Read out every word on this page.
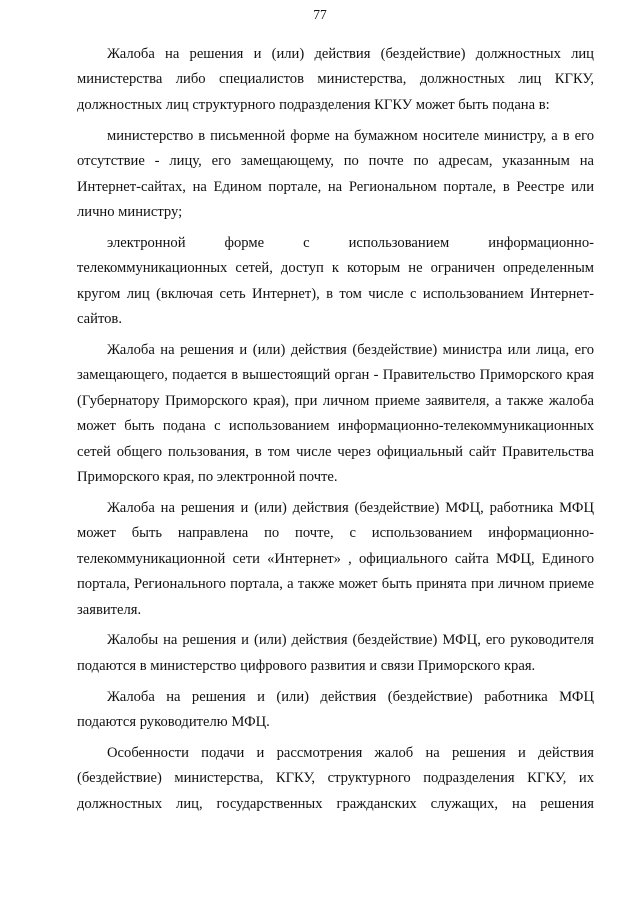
77

Жалоба на решения и (или) действия (бездействие) должностных лиц министерства либо специалистов министерства, должностных лиц КГКУ, должностных лиц структурного подразделения КГКУ может быть подана в:

министерство в письменной форме на бумажном носителе министру, а в его отсутствие - лицу, его замещающему, по почте по адресам, указанным на Интернет-сайтах, на Едином портале, на Региональном портале, в Реестре или лично министру;

электронной форме с использованием информационно-телекоммуникационных сетей, доступ к которым не ограничен определенным кругом лиц (включая сеть Интернет), в том числе с использованием Интернет-сайтов.

Жалоба на решения и (или) действия (бездействие) министра или лица, его замещающего, подается в вышестоящий орган - Правительство Приморского края (Губернатору Приморского края), при личном приеме заявителя, а также жалоба может быть подана с использованием информационно-телекоммуникационных сетей общего пользования, в том числе через официальный сайт Правительства Приморского края, по электронной почте.

Жалоба на решения и (или) действия (бездействие) МФЦ, работника МФЦ может быть направлена по почте, с использованием информационно-телекоммуникационной сети «Интернет» , официального сайта МФЦ, Единого портала, Регионального портала, а также может быть принята при личном приеме заявителя.

Жалобы на решения и (или) действия (бездействие) МФЦ, его руководителя подаются в министерство цифрового развития и связи Приморского края.

Жалоба на решения и (или) действия (бездействие) работника МФЦ подаются руководителю МФЦ.

Особенности подачи и рассмотрения жалоб на решения и действия (бездействие) министерства, КГКУ, структурного подразделения КГКУ, их должностных лиц, государственных гражданских служащих, на решения
